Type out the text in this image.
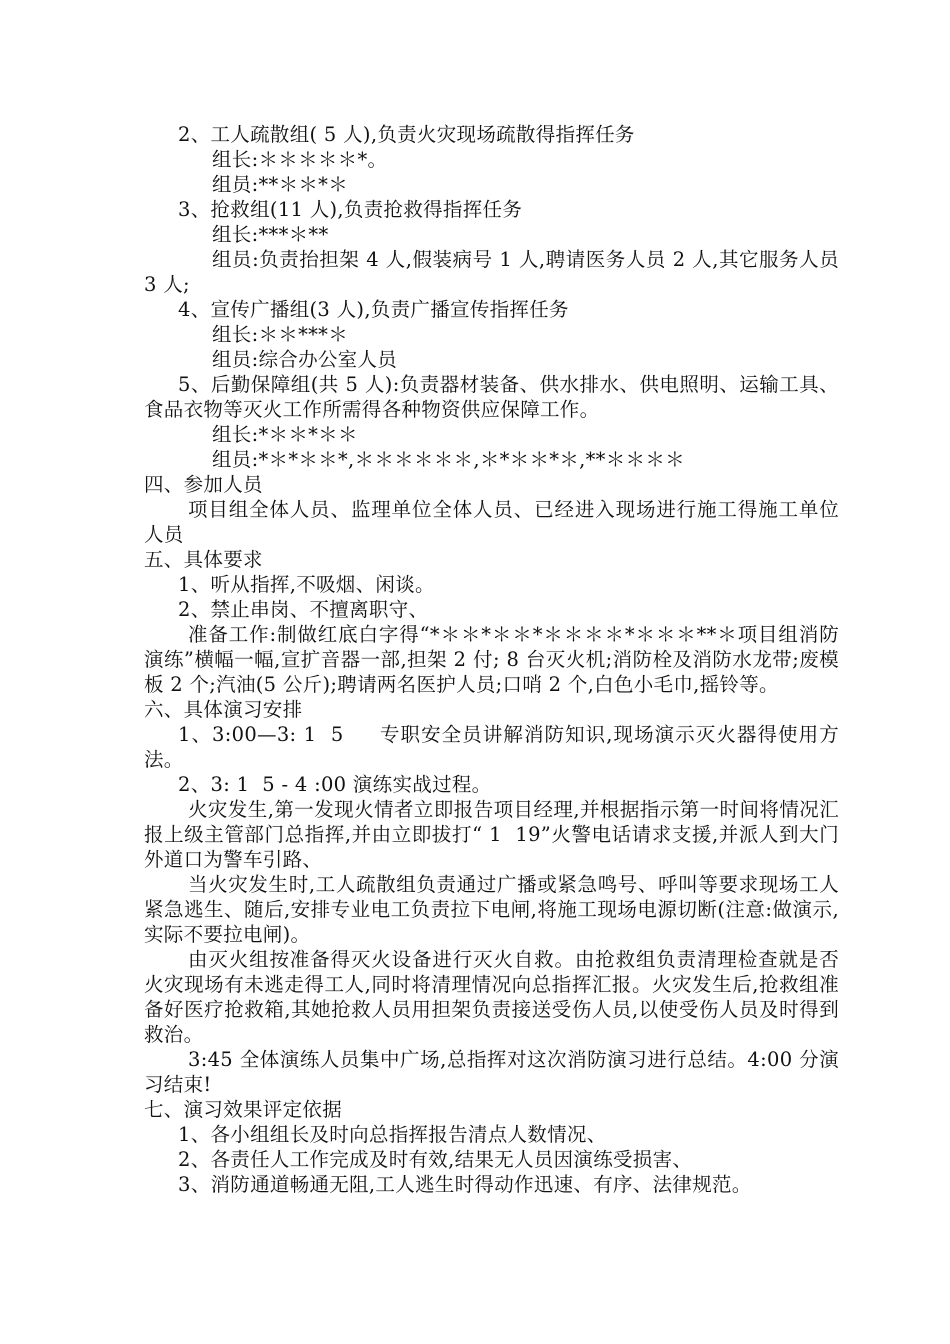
2、工人疏散组( 5 人),负责火灾现场疏散得指挥任务

组长:＊＊＊＊＊*。

组员:**＊＊*＊

3、抢救组(11 人),负责抢救得指挥任务

组长:***＊**

组员:负责抬担架 4 人,假装病号 1 人,聘请医务人员 2 人,其它服务人员 3 人;

4、宣传广播组(3 人),负责广播宣传指挥任务

组长:＊＊***＊

组员:综合办公室人员

5、后勤保障组(共 5 人):负责器材装备、供水排水、供电照明、运输工具、食品衣物等灭火工作所需得各种物资供应保障工作。

组长:*＊＊*＊＊

组员:*＊*＊＊*,＊＊＊＊＊＊,＊*＊＊*＊,**＊＊＊＊

四、参加人员

项目组全体人员、监理单位全体人员、已经进入现场进行施工得施工单位人员

五、具体要求

1、听从指挥,不吸烟、闲谈。

2、禁止串岗、不擅离职守、

准备工作:制做红底白字得“*＊＊*＊＊*＊＊＊＊*＊＊＊**＊项目组消防演练”横幅一幅,宣扩音器一部,担架 2 付; 8 台灭火机;消防栓及消防水龙带;废模板 2 个;汽油(5 公斤);聘请两名医护人员;口哨 2 个,白色小毛巾,摇铃等。

六、具体演习安排

1、3:00—3: 1  5     专职安全员讲解消防知识,现场演示灭火器得使用方法。

2、3: 1  5 - 4 :00 演练实战过程。

火灾发生,第一发现火情者立即报告项目经理,并根据指示第一时间将情况汇报上级主管部门总指挥,并由立即拔打“ 1  19”火警电话请求支援,并派人到大门外道口为警车引路、

当火灾发生时,工人疏散组负责通过广播或紧急鸣号、呼叫等要求现场工人紧急逃生、随后,安排专业电工负责拉下电闸,将施工现场电源切断(注意:做演示,实际不要拉电闸)。

由灭火组按准备得灭火设备进行灭火自救。由抢救组负责清理检查就是否火灾现场有未逃走得工人,同时将清理情况向总指挥汇报。火灾发生后,抢救组准备好医疗抢救箱,其她抢救人员用担架负责接送受伤人员,以使受伤人员及时得到救治。

3:45 全体演练人员集中广场,总指挥对这次消防演习进行总结。4:00 分演习结束!

七、演习效果评定依据

1、各小组组长及时向总指挥报告清点人数情况、

2、各责任人工作完成及时有效,结果无人员因演练受损害、

3、消防通道畅通无阻,工人逃生时得动作迅速、有序、法律规范。
